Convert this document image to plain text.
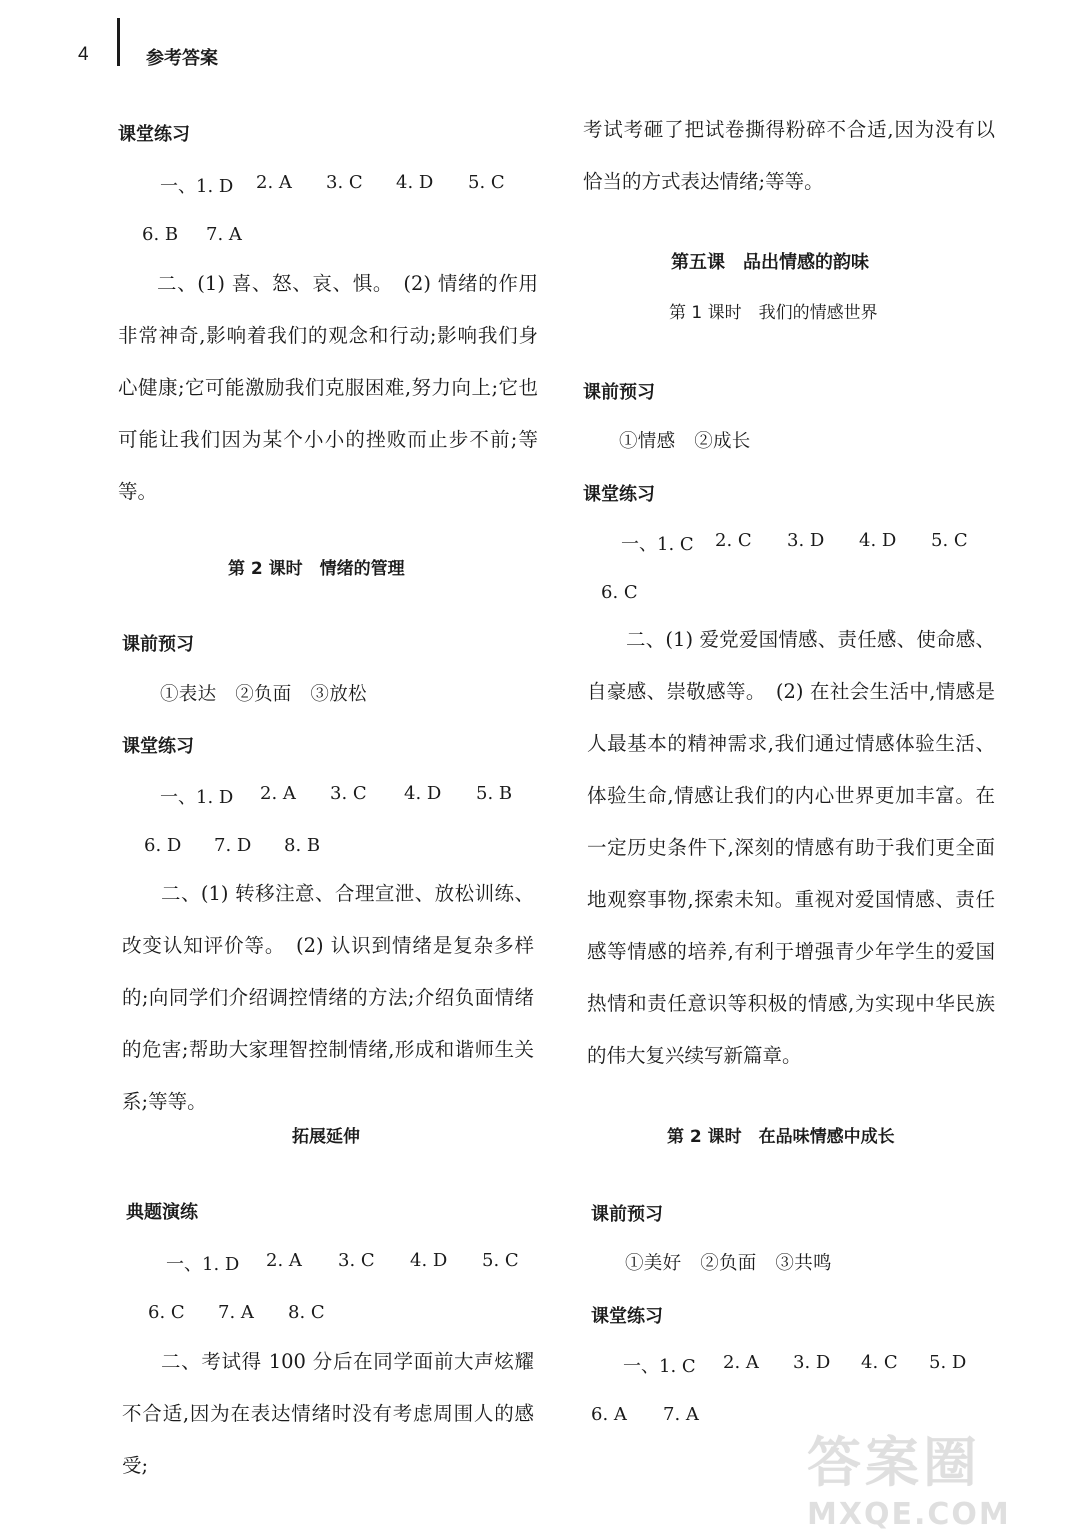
4	参考答案
课堂练习
一、1. D 2. A 3. C 4. D 5. C
6. B 7. A
二、(1) 喜、怒、哀、惧。　(2) 情绪的作用非常神奇,影响着我们的观念和行动;影响我们身心健康;它可能激励我们克服困难,努力向上;它也可能让我们因为某个小小的挫败而止步不前;等等。
第 2 课时　情绪的管理
课前预习
①表达　②负面　③放松
课堂练习
一、1. D 2. A 3. C 4. D 5. B
6. D 7. D 8. B
二、(1) 转移注意、合理宣泄、放松训练、改变认知评价等。　(2) 认识到情绪是复杂多样的;向同学们介绍调控情绪的方法;介绍负面情绪的危害;帮助大家理智控制情绪,形成和谐师生关系;等等。
拓展延伸
典题演练
一、1. D 2. A 3. C 4. D 5. C
6. C 7. A 8. C
二、考试得 100 分后在同学面前大声炫耀不合适,因为在表达情绪时没有考虑周围人的感受;
考试考砸了把试卷撕得粉碎不合适,因为没有以恰当的方式表达情绪;等等。
第五课　品出情感的韵味
第 1 课时　我们的情感世界
课前预习
①情感　②成长
课堂练习
一、1. C 2. C 3. D 4. D 5. C
6. C
二、(1) 爱党爱国情感、责任感、使命感、自豪感、崇敬感等。　(2) 在社会生活中,情感是人最基本的精神需求,我们通过情感体验生活、体验生命,情感让我们的内心世界更加丰富。在一定历史条件下,深刻的情感有助于我们更全面地观察事物,探索未知。重视对爱国情感、责任感等情感的培养,有利于增强青少年学生的爱国热情和责任意识等积极的情感,为实现中华民族的伟大复兴续写新篇章。
第 2 课时　在品味情感中成长
课前预习
①美好　②负面　③共鸣
课堂练习
一、1. C 2. A 3. D 4. C 5. D
6. A 7. A
答案圈
MXQE.COM
